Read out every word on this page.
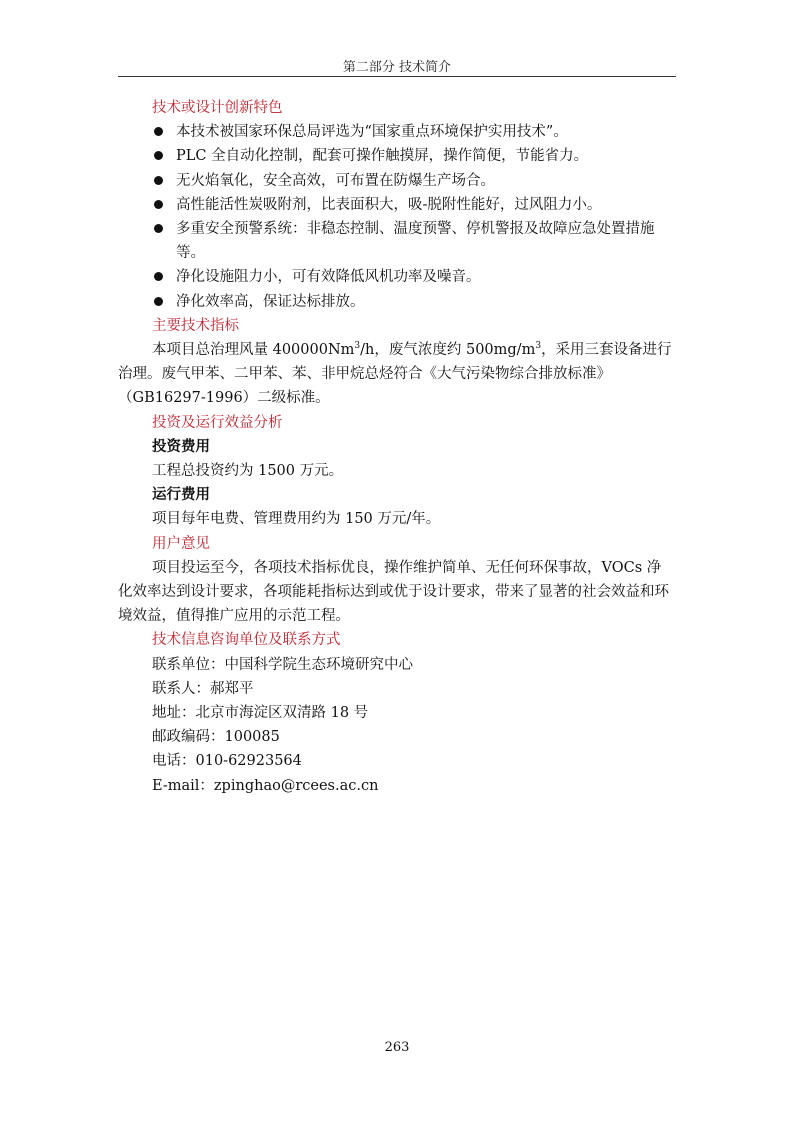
第二部分 技术简介
技术或设计创新特色
本技术被国家环保总局评选为“国家重点环境保护实用技术”。
PLC 全自动化控制，配套可操作触摸屏，操作简便，节能省力。
无火焰氧化，安全高效，可布置在防爆生产场合。
高性能活性炭吸附剂，比表面积大，吸-脱附性能好，过风阻力小。
多重安全预警系统：非稳态控制、温度预警、停机警报及故障应急处置措施等。
净化设施阻力小，可有效降低风机功率及噪音。
净化效率高，保证达标排放。
主要技术指标

本项目总治理风量 400000Nm$^3$/h，废气浓度约 $500mg/m^3$，采用三套设备进行治理。废气甲苯、二甲苯、苯、非甲烷总烃符合《大气污染物综合排放标准》（GB16297-1996）二级标准。

投资及运行效益分析
投资费用

工程总投资约为 1500 万元。

运行费用

项目每年电费、管理费用约为 150 万元/年。

用户意见

项目投运至今，各项技术指标优良，操作维护简单、无任何环保事故，VOCs 净化效率达到设计要求，各项能耗指标达到或优于设计要求，带来了显著的社会效益和环境效益，值得推广应用的示范工程。

技术信息咨询单位及联系方式

联系单位：中国科学院生态环境研究中心

联系人：郝郑平

地址：北京市海淀区双清路 18 号

邮政编码：100085

电话：010-62923564

E-mail：zpinghao@rcees.ac.cn

263
